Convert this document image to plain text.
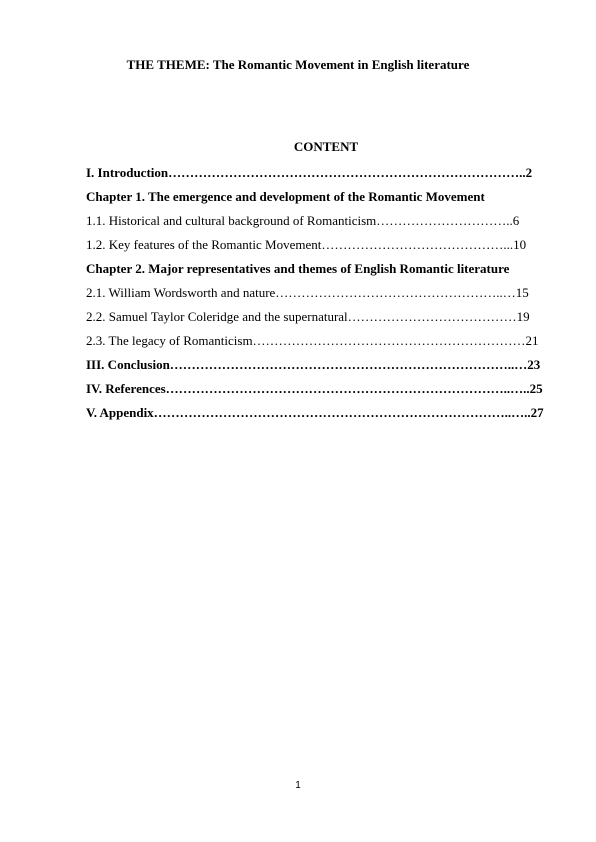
THE THEME: The Romantic Movement in English literature
CONTENT
I. Introduction………………………………………………………………………..2
Chapter 1. The emergence and development of the Romantic Movement
1.1. Historical and cultural background of Romanticism…………………………..6
1.2. Key features of the Romantic Movement……………………………………...10
Chapter 2. Major representatives and themes of English Romantic literature
2.1. William Wordsworth and nature……………………………………………..…15
2.2. Samuel Taylor Coleridge and the supernatural…………………………………19
2.3. The legacy of Romanticism………………………………………………………21
III. Conclusion……………………………………………………………………..…23
IV. References……………………………………………………………………..…..25
V. Appendix………………………………………………………………………..…..27
1
